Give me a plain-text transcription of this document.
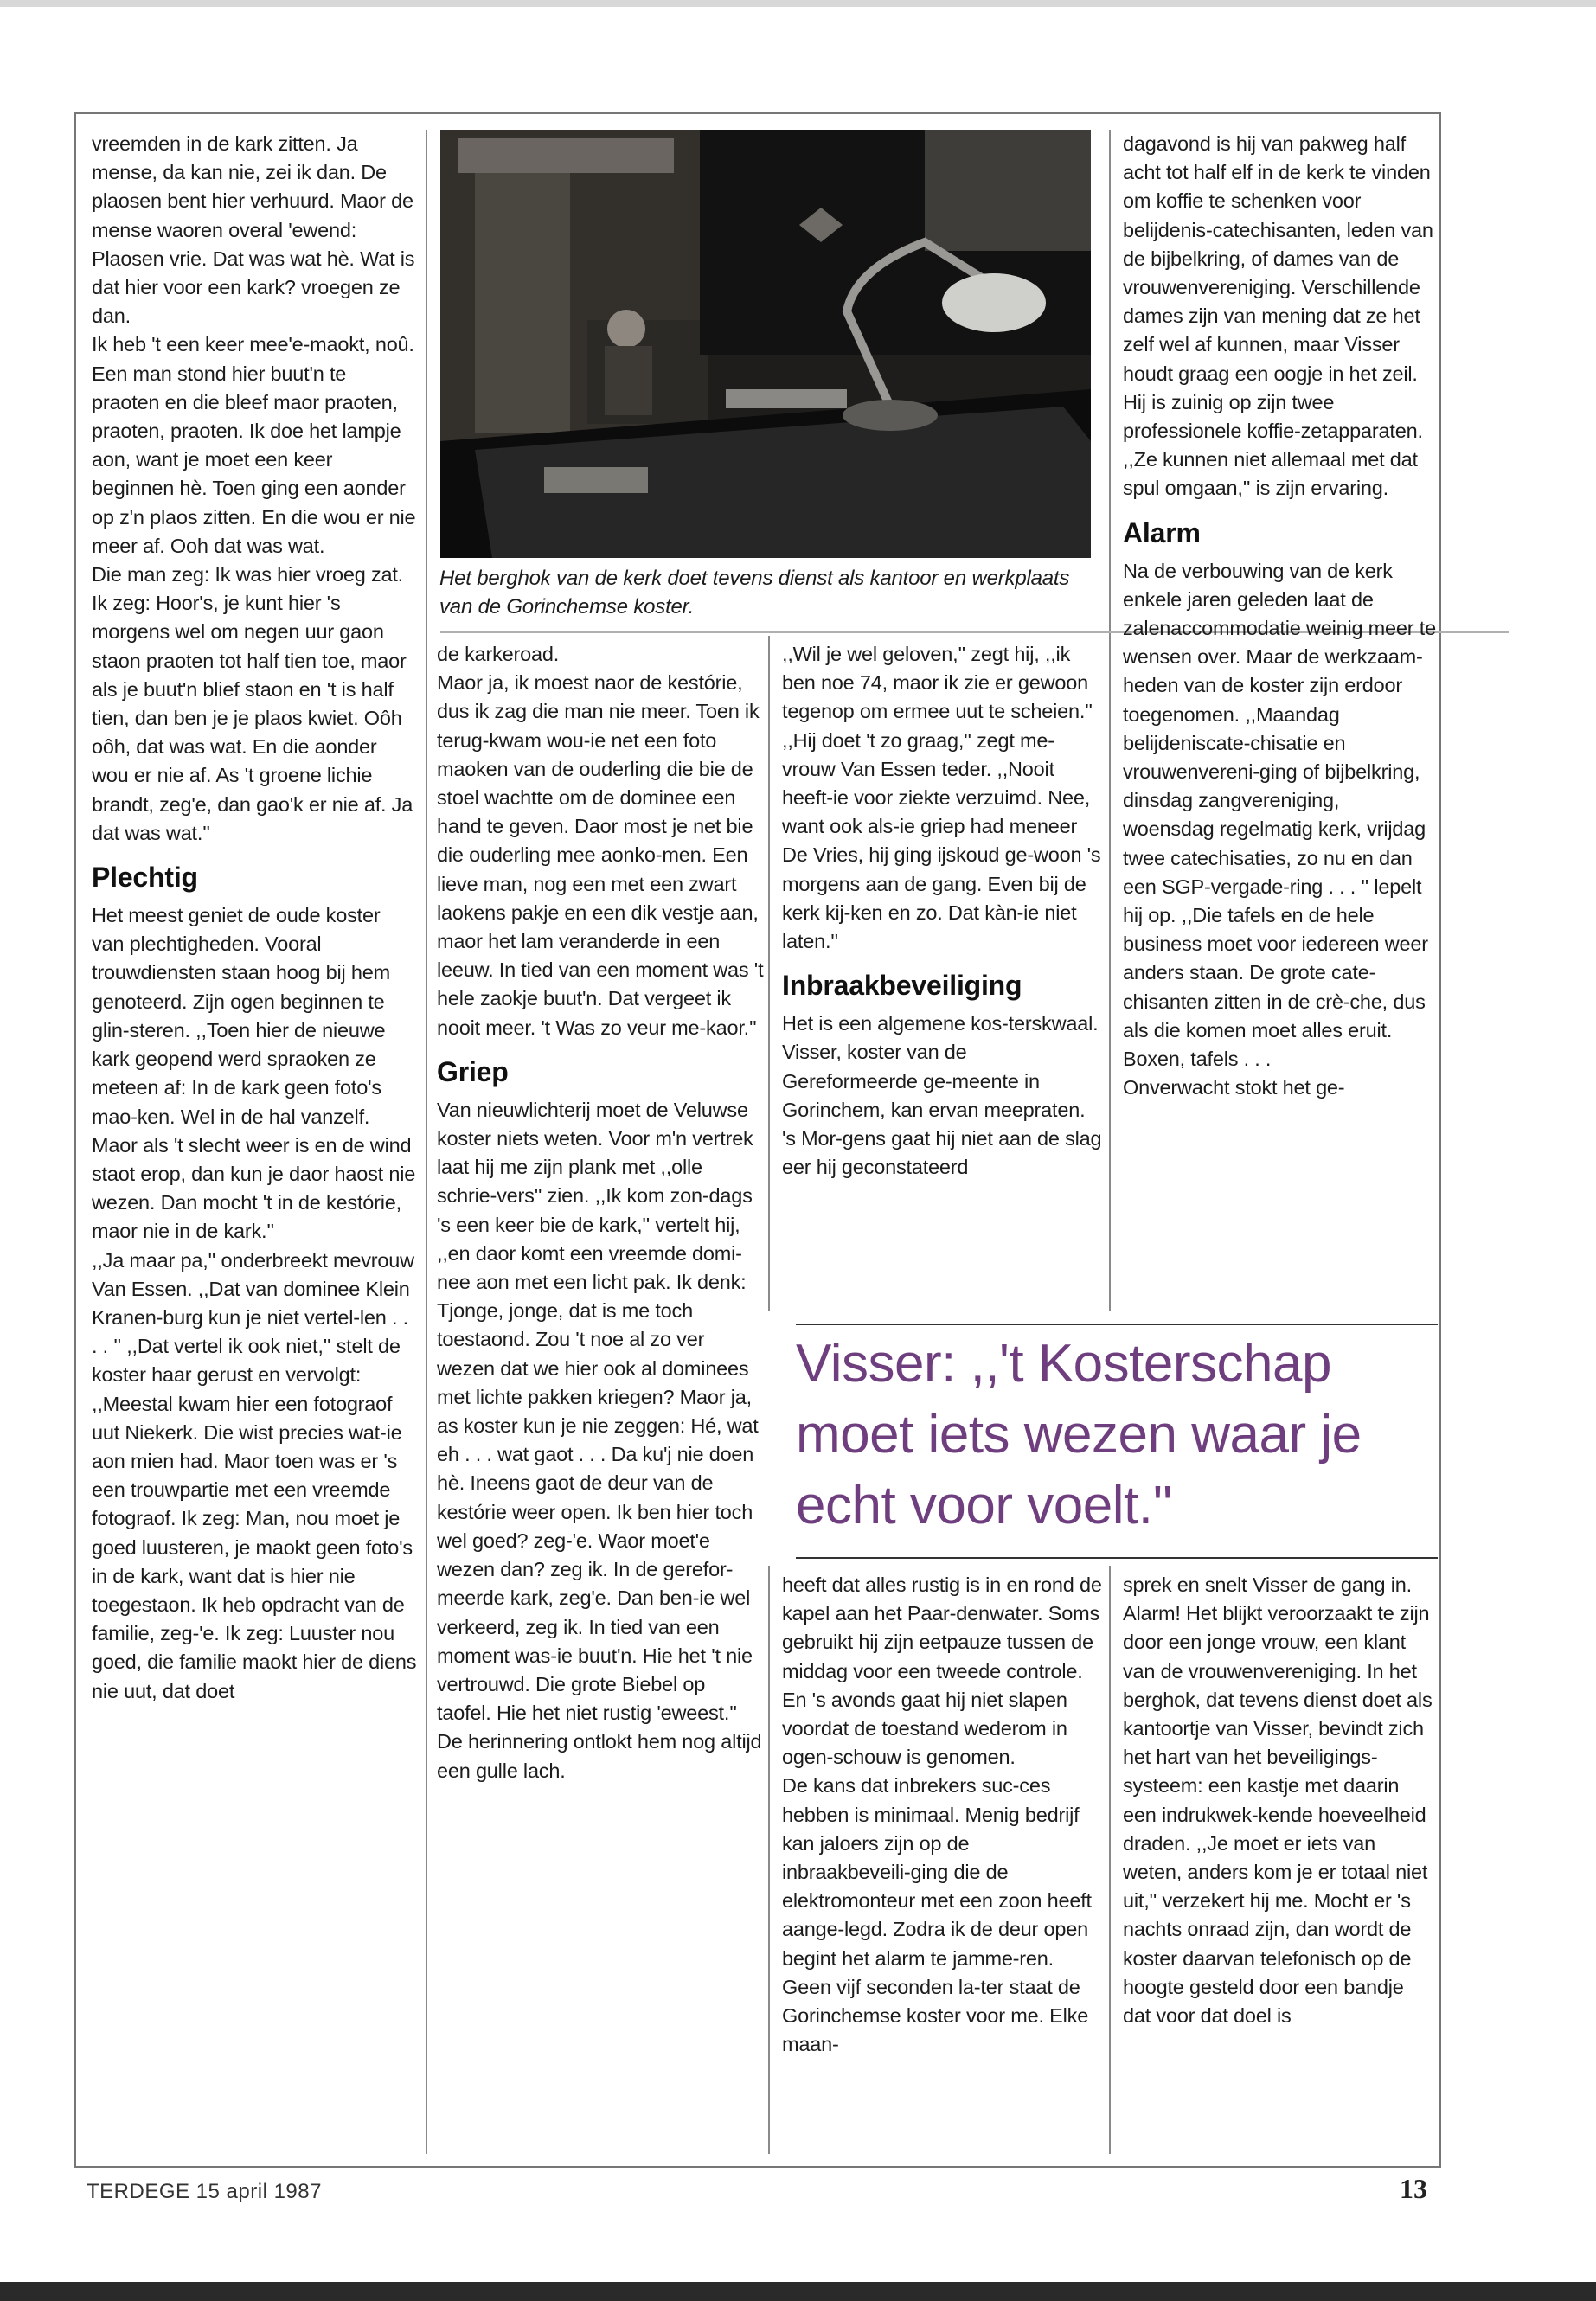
vreemden in de kark zitten. Ja mense, da kan nie, zei ik dan. De plaosen bent hier verhuurd. Maor de mense waoren overal 'ewend: Plaosen vrie. Dat was wat hè. Wat is dat hier voor een kark? vroegen ze dan.

Ik heb 't een keer mee'e-maokt, noû. Een man stond hier buut'n te praoten en die bleef maor praoten, praoten, praoten. Ik doe het lampje aon, want je moet een keer beginnen hè. Toen ging een aonder op z'n plaos zitten. En die wou er nie meer af. Ooh dat was wat.

Die man zeg: Ik was hier vroeg zat. Ik zeg: Hoor's, je kunt hier 's morgens wel om negen uur gaon staon praoten tot half tien toe, maor als je buut'n blief staon en 't is half tien, dan ben je je plaos kwiet. Oôh oôh, dat was wat. En die aonder wou er nie af. As 't groene lichie brandt, zeg'e, dan gao'k er nie af. Ja dat was wat.''

Plechtig

Het meest geniet de oude koster van plechtigheden. Vooral trouwdiensten staan hoog bij hem genoteerd. Zijn ogen beginnen te glin-steren. ,,Toen hier de nieuwe kark geopend werd spraoken ze meteen af: In de kark geen foto's mao-ken. Wel in de hal vanzelf. Maor als 't slecht weer is en de wind staot erop, dan kun je daor haost nie wezen. Dan mocht 't in de kestórie, maor nie in de kark.''

,,Ja maar pa,'' onderbreekt mevrouw Van Essen. ,,Dat van dominee Klein Kranen-burg kun je niet vertel-len . . . . '' ,,Dat vertel ik ook niet,'' stelt de koster haar gerust en vervolgt: ,,Meestal kwam hier een fotograof uut Niekerk. Die wist precies wat-ie aon mien had. Maor toen was er 's een trouwpartie met een vreemde fotograof. Ik zeg: Man, nou moet je goed luusteren, je maokt geen foto's in de kark, want dat is hier nie toegestaon. Ik heb opdracht van de familie, zeg-'e. Ik zeg: Luuster nou goed, die familie maokt hier de diens nie uut, dat doet

Het berghok van de kerk doet tevens dienst als kantoor en werkplaats van de Gorinchemse koster.

de karkeroad.

Maor ja, ik moest naor de kestórie, dus ik zag die man nie meer. Toen ik terug-kwam wou-ie net een foto maoken van de ouderling die bie de stoel wachtte om de dominee een hand te geven. Daor most je net bie die ouderling mee aonko-men. Een lieve man, nog een met een zwart laokens pakje en een dik vestje aan, maor het lam veranderde in een leeuw. In tied van een moment was 't hele zaokje buut'n. Dat vergeet ik nooit meer. 't Was zo veur me-kaor.''

Griep

Van nieuwlichterij moet de Veluwse koster niets weten. Voor m'n vertrek laat hij me zijn plank met ,,olle schrie-vers'' zien. ,,Ik kom zon-dags 's een keer bie de kark,'' vertelt hij, ,,en daor komt een vreemde domi-nee aon met een licht pak. Ik denk: Tjonge, jonge, dat is me toch toestaond. Zou 't noe al zo ver wezen dat we hier ook al dominees met lichte pakken kriegen? Maor ja, as koster kun je nie zeggen: Hé, wat eh . . . wat gaot . . . Da ku'j nie doen hè. Ineens gaot de deur van de kestórie weer open. Ik ben hier toch wel goed? zeg-'e. Waor moet'e wezen dan? zeg ik. In de gerefor-meerde kark, zeg'e. Dan ben-ie wel verkeerd, zeg ik. In tied van een moment was-ie buut'n. Hie het 't nie vertrouwd. Die grote Biebel op taofel. Hie het niet rustig 'eweest.''

De herinnering ontlokt hem nog altijd een gulle lach.

,,Wil je wel geloven,'' zegt hij, ,,ik ben noe 74, maor ik zie er gewoon tegenop om ermee uut te scheien.'' ,,Hij doet 't zo graag,'' zegt me-vrouw Van Essen teder. ,,Nooit heeft-ie voor ziekte verzuimd. Nee, want ook als-ie griep had meneer De Vries, hij ging ijskoud ge-woon 's morgens aan de gang. Even bij de kerk kij-ken en zo. Dat kàn-ie niet laten.''

Inbraakbeveiliging

Het is een algemene kos-terskwaal. Visser, koster van de Gereformeerde ge-meente in Gorinchem, kan ervan meepraten. 's Mor-gens gaat hij niet aan de slag eer hij geconstateerd

dagavond is hij van pakweg half acht tot half elf in de kerk te vinden om koffie te schenken voor belijdenis-catechisanten, leden van de bijbelkring, of dames van de vrouwenvereniging. Verschillende dames zijn van mening dat ze het zelf wel af kunnen, maar Visser houdt graag een oogje in het zeil. Hij is zuinig op zijn twee professionele koffie-zetapparaten. ,,Ze kunnen niet allemaal met dat spul omgaan,'' is zijn ervaring.

Alarm

Na de verbouwing van de kerk enkele jaren geleden laat de zalenaccommodatie weinig meer te wensen over. Maar de werkzaam-heden van de koster zijn erdoor toegenomen. ,,Maandag belijdeniscate-chisatie en vrouwenvereni-ging of bijbelkring, dinsdag zangvereniging, woensdag regelmatig kerk, vrijdag twee catechisaties, zo nu en dan een SGP-vergade-ring . . . '' lepelt hij op. ,,Die tafels en de hele business moet voor iedereen weer anders staan. De grote cate-chisanten zitten in de crè-che, dus als die komen moet alles eruit. Boxen, tafels . . .

Onverwacht stokt het ge-

Visser: ,,'t Kosterschap moet iets wezen waar je echt voor voelt.''

heeft dat alles rustig is in en rond de kapel aan het Paar-denwater. Soms gebruikt hij zijn eetpauze tussen de middag voor een tweede controle. En 's avonds gaat hij niet slapen voordat de toestand wederom in ogen-schouw is genomen.

De kans dat inbrekers suc-ces hebben is minimaal. Menig bedrijf kan jaloers zijn op de inbraakbeveili-ging die de elektromonteur met een zoon heeft aange-legd. Zodra ik de deur open begint het alarm te jamme-ren. Geen vijf seconden la-ter staat de Gorinchemse koster voor me. Elke maan-

sprek en snelt Visser de gang in. Alarm! Het blijkt veroorzaakt te zijn door een jonge vrouw, een klant van de vrouwenvereniging. In het berghok, dat tevens dienst doet als kantoortje van Visser, bevindt zich het hart van het beveiligings-systeem: een kastje met daarin een indrukwek-kende hoeveelheid draden. ,,Je moet er iets van weten, anders kom je er totaal niet uit,'' verzekert hij me. Mocht er 's nachts onraad zijn, dan wordt de koster daarvan telefonisch op de hoogte gesteld door een bandje dat voor dat doel is

TERDEGE 15 april 1987	13
